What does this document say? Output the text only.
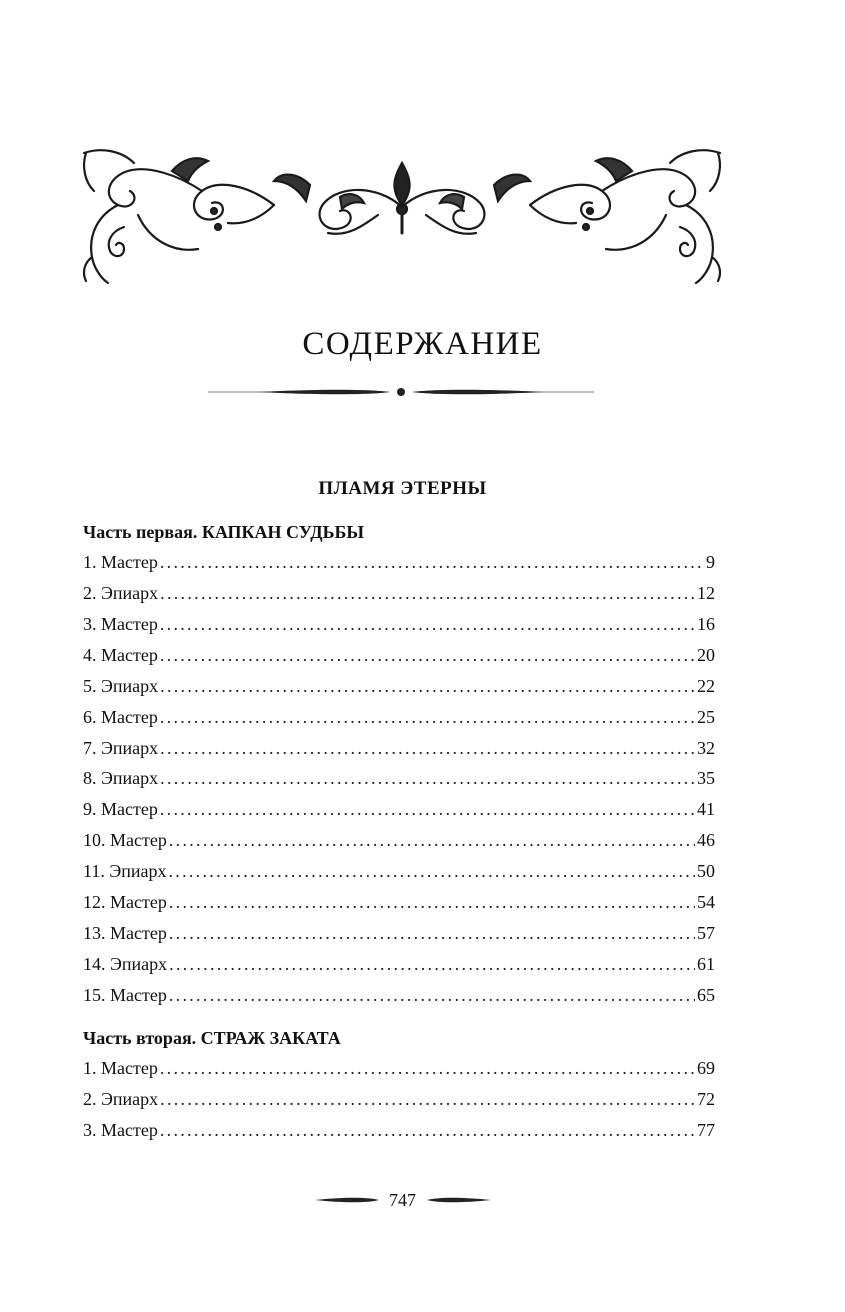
СОДЕРЖАНИЕ
ПЛАМЯ ЭТЕРНЫ
Часть первая. КАПКАН СУДЬБЫ
1. Мастер .....	9
2. Эпиарх .....	12
3. Мастер .....	16
4. Мастер .....	20
5. Эпиарх .....	22
6. Мастер .....	25
7. Эпиарх .....	32
8. Эпиарх .....	35
9. Мастер .....	41
10. Мастер .....	46
11. Эпиарх .....	50
12. Мастер .....	54
13. Мастер .....	57
14. Эпиарх .....	61
15. Мастер .....	65
Часть вторая. СТРАЖ ЗАКАТА
1. Мастер .....	69
2. Эпиарх .....	72
3. Мастер .....	77
747
